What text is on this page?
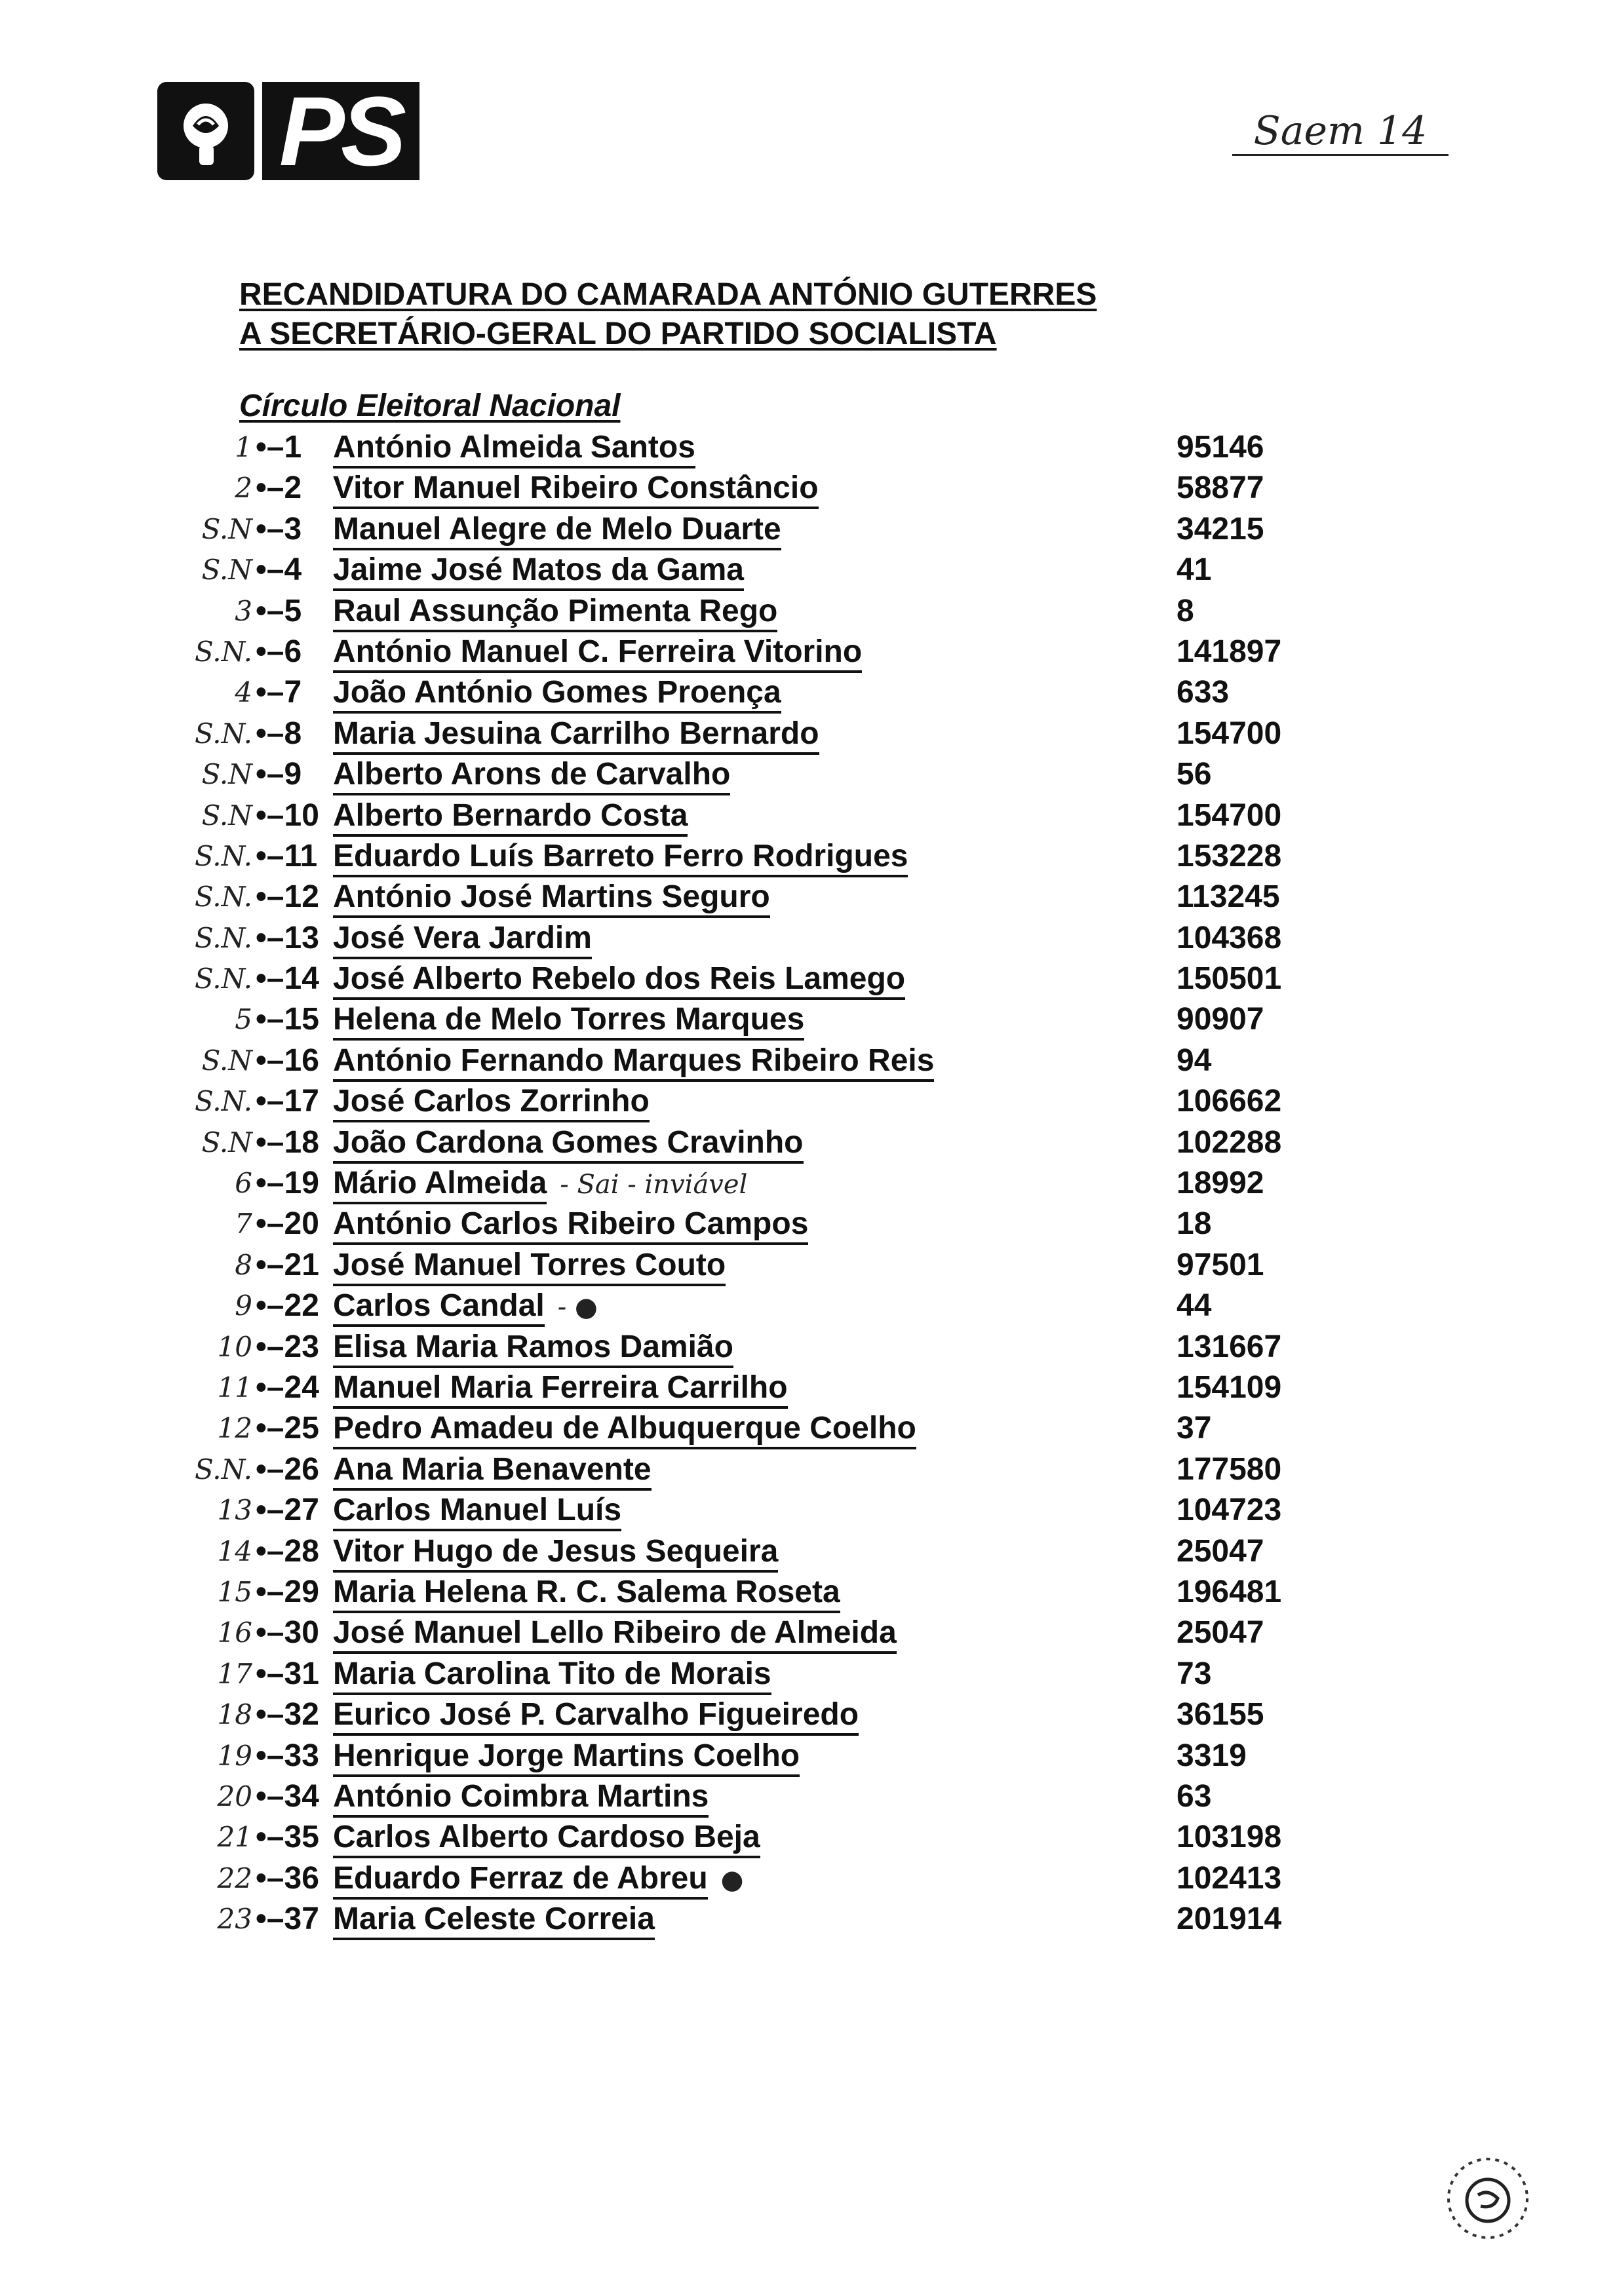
PS	Saem 14
RECANDIDATURA DO CAMARADA ANTÓNIO GUTERRES
A SECRETÁRIO-GERAL DO PARTIDO SOCIALISTA
Círculo Eleitoral Nacional
1 •–1 António Almeida Santos	95146
2 •–2 Vitor Manuel Ribeiro Constâncio	58877
S.N •–3 Manuel Alegre de Melo Duarte	34215
S.N •–4 Jaime José Matos da Gama	41
3 •–5 Raul Assunção Pimenta Rego	8
S.N. •–6 António Manuel C. Ferreira Vitorino	141897
4 •–7 João António Gomes Proença	633
S.N. •–8 Maria Jesuina Carrilho Bernardo	154700
S.N •–9 Alberto Arons de Carvalho	56
S.N •–10 Alberto Bernardo Costa	154700
S.N. •–11 Eduardo Luís Barreto Ferro Rodrigues	153228
S.N. •–12 António José Martins Seguro	113245
S.N. •–13 José Vera Jardim	104368
S.N. •–14 José Alberto Rebelo dos Reis Lamego	150501
5 •–15 Helena de Melo Torres Marques	90907
S.N •–16 António Fernando Marques Ribeiro Reis	94
S.N. •–17 José Carlos Zorrinho	106662
S.N •–18 João Cardona Gomes Cravinho	102288
6 •–19 Mário Almeida - Sai - inviável	18992
7 •–20 António Carlos Ribeiro Campos	18
8 •–21 José Manuel Torres Couto	97501
9 •–22 Carlos Candal - ●	44
10 •–23 Elisa Maria Ramos Damião	131667
11 •–24 Manuel Maria Ferreira Carrilho	154109
12 •–25 Pedro Amadeu de Albuquerque Coelho	37
S.N. •–26 Ana Maria Benavente	177580
13 •–27 Carlos Manuel Luís	104723
14 •–28 Vitor Hugo de Jesus Sequeira	25047
15 •–29 Maria Helena R. C. Salema Roseta	196481
16 •–30 José Manuel Lello Ribeiro de Almeida	25047
17 •–31 Maria Carolina Tito de Morais	73
18 •–32 Eurico José P. Carvalho Figueiredo	36155
19 •–33 Henrique Jorge Martins Coelho	3319
20 •–34 António Coimbra Martins	63
21 •–35 Carlos Alberto Cardoso Beja	103198
22 •–36 Eduardo Ferraz de Abreu ●	102413
23 •–37 Maria Celeste Correia	201914
